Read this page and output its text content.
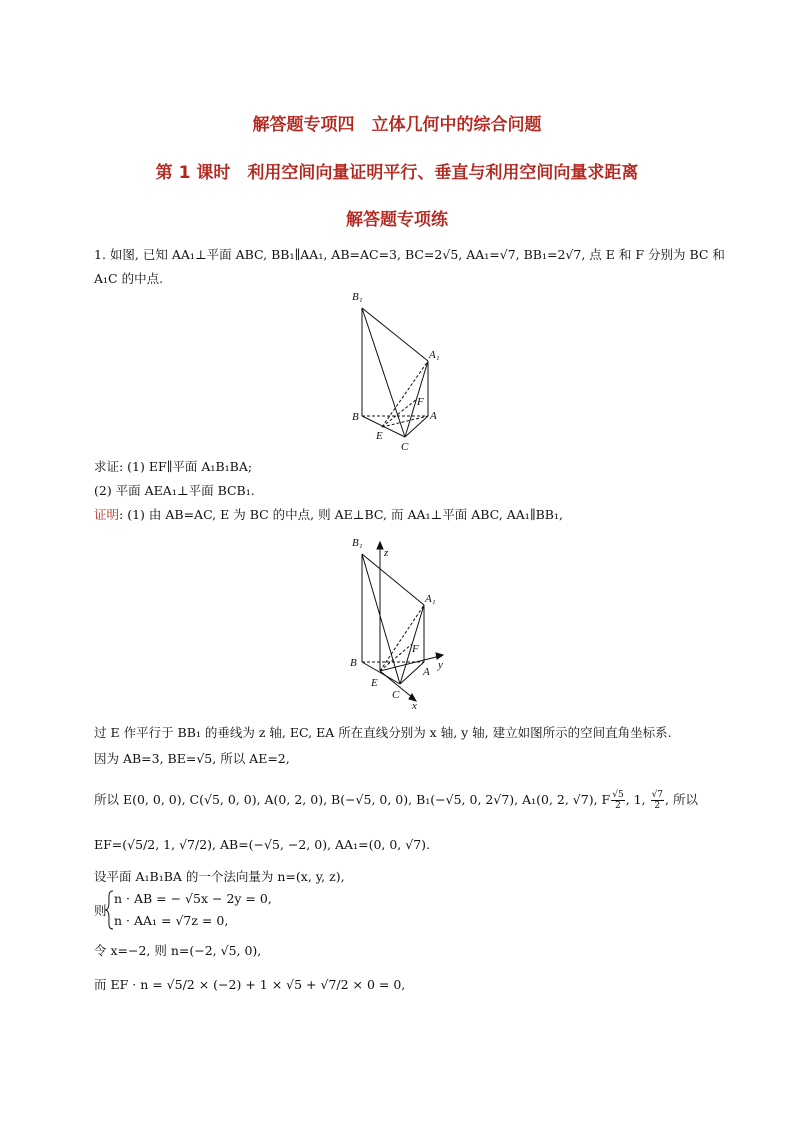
解答题专项四　立体几何中的综合问题
第 1 课时　利用空间向量证明平行、垂直与利用空间向量求距离
解答题专项练
1. 如图, 已知 AA₁⊥平面 ABC, BB₁∥AA₁, AB=AC=3, BC=2√5, AA₁=√7, BB₁=2√7, 点 E 和 F 分别为 BC 和
A₁C 的中点.
B₁
A₁
B
F
A
E
C
求证: (1) EF∥平面 A₁B₁BA;
(2) 平面 AEA₁⊥平面 BCB₁.
证明: (1) 由 AB=AC, E 为 BC 的中点, 则 AE⊥BC, 而 AA₁⊥平面 ABC, AA₁∥BB₁,
B₁
z
A₁
B	y
F
E
A
C
x
过 E 作平行于 BB₁ 的垂线为 z 轴, EC, EA 所在直线分别为 x 轴, y 轴, 建立如图所示的空间直角坐标系.
因为 AB=3, BE=√5, 所以 AE=2,
所以 E(0, 0, 0), C(√5, 0, 0), A(0, 2, 0), B(−√5, 0, 0), B₁(−√5, 0, 2√7), A₁(0, 2, √7), F $\frac{√5}{2}$ , 1, $\frac{√7}{2}$ , 所以
EF=(√5/2, 1, √7/2), AB=(−√5, −2, 0), AA₁=(0, 0, √7).
设平面 A₁B₁BA 的一个法向量为 n=(x, y, z),
n · AB = − √5x − 2y = 0,
则
n · AA₁ = √7z = 0,
令 x=−2, 则 n=(−2, √5, 0),
而 EF · n = √5/2 × (−2) + 1 × √5 + √7/2 × 0 = 0,
